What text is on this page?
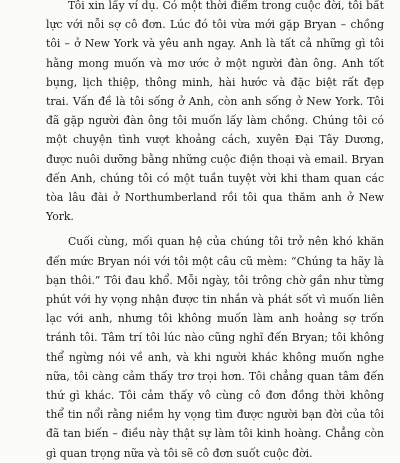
Tôi xin lấy ví dụ. Có một thời điểm trong cuộc đời, tôi bất lực với nỗi sợ cô đơn. Lúc đó tôi vừa mới gặp Bryan – chồng tôi – ở New York và yêu anh ngay. Anh là tất cả những gì tôi hằng mong muốn và mơ ước ở một người đàn ông. Anh tốt bụng, lịch thiệp, thông minh, hài hước và đặc biệt rất đẹp trai. Vấn đề là tôi sống ở Anh, còn anh sống ở New York. Tôi đã gặp người đàn ông tôi muốn lấy làm chồng. Chúng tôi có một chuyện tình vượt khoảng cách, xuyên Đại Tây Dương, được nuôi dưỡng bằng những cuộc điện thoại và email. Bryan đến Anh, chúng tôi có một tuần tuyệt vời khi tham quan các tòa lâu đài ở Northumberland rồi tôi qua thăm anh ở New York.

Cuối cùng, mối quan hệ của chúng tôi trở nên khó khăn đến mức Bryan nói với tôi một câu cũ mèm: “Chúng ta hãy là bạn thôi.” Tôi đau khổ. Mỗi ngày, tôi trông chờ gần như từng phút với hy vọng nhận được tin nhắn và phát sốt vì muốn liên lạc với anh, nhưng tôi không muốn làm anh hoảng sợ trốn tránh tôi. Tâm trí tôi lúc nào cũng nghĩ đến Bryan; tôi không thể ngừng nói về anh, và khi người khác không muốn nghe nữa, tôi càng cảm thấy trơ trọi hơn. Tôi chẳng quan tâm đến thứ gì khác. Tôi cảm thấy vô cùng cô đơn đồng thời không thể tin nổi rằng niềm hy vọng tìm được người bạn đời của tôi đã tan biến – điều này thật sự làm tôi kinh hoàng. Chẳng còn gì quan trọng nữa và tôi sẽ cô đơn suốt cuộc đời.
